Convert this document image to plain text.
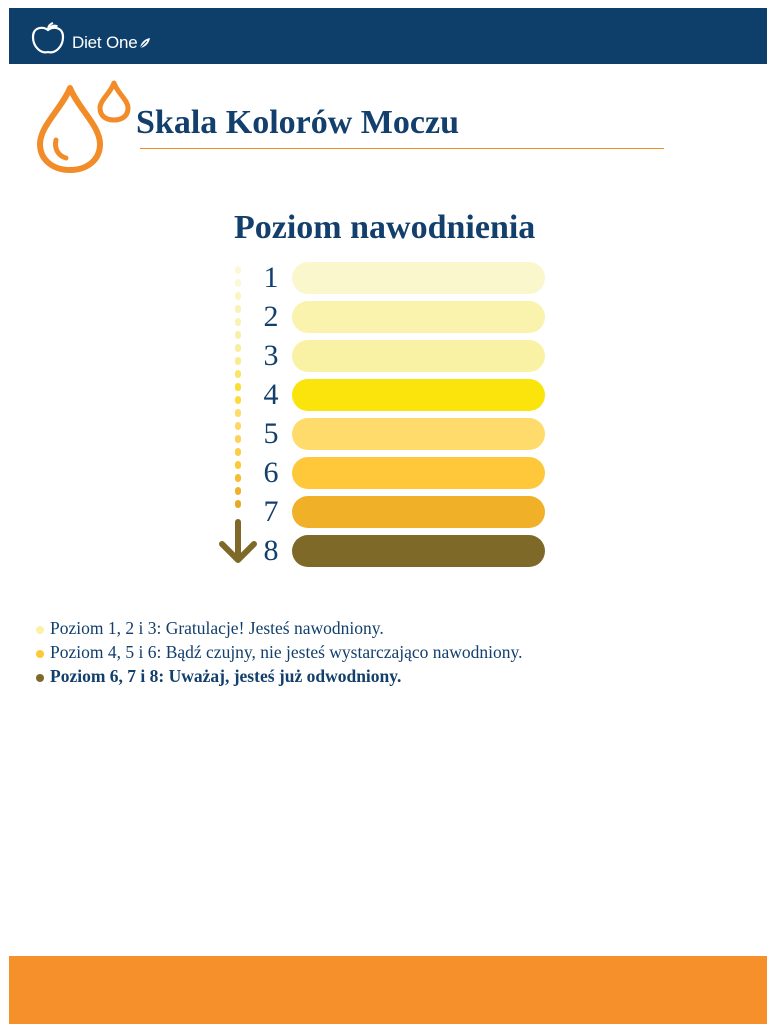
Diet One
Skala Kolorów Moczu
Poziom nawodnienia
1
2
3
4
5
6
7
8
Poziom 1, 2 i 3: Gratulacje! Jesteś nawodniony.
Poziom 4, 5 i 6: Bądź czujny, nie jesteś wystarczająco nawodniony.
Poziom 6, 7 i 8: Uważaj, jesteś już odwodniony.
